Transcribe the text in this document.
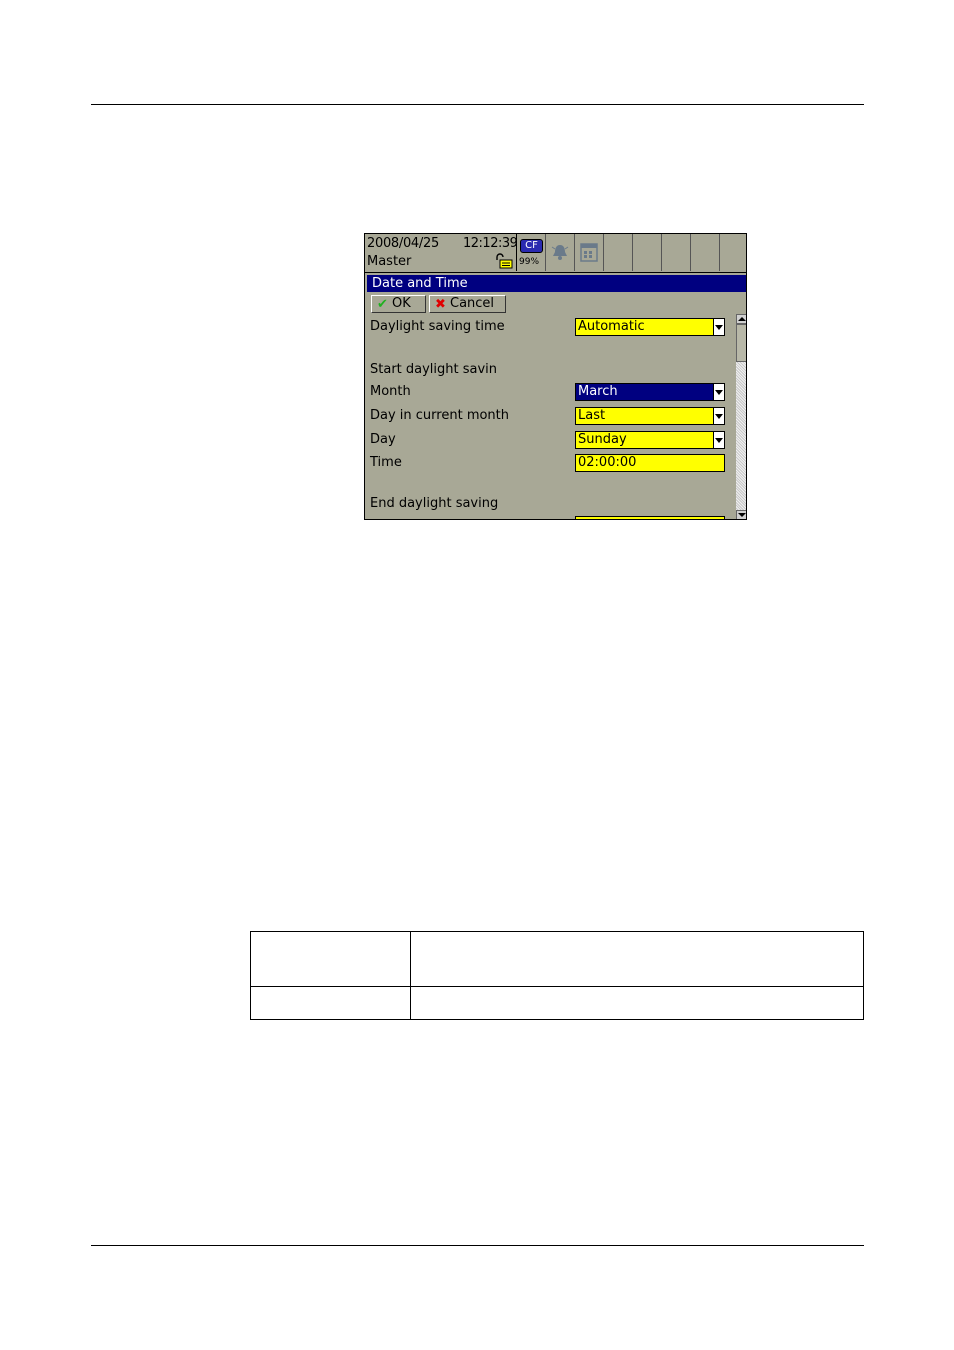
2008/04/25 12:12:39
Master
CF
99%
Date and Time
✔ OK ✖ Cancel
Daylight saving time	Automatic
Start daylight savin
Month	March
Day in current month	Last
Day	Sunday
Time	02:00:00
End daylight saving
